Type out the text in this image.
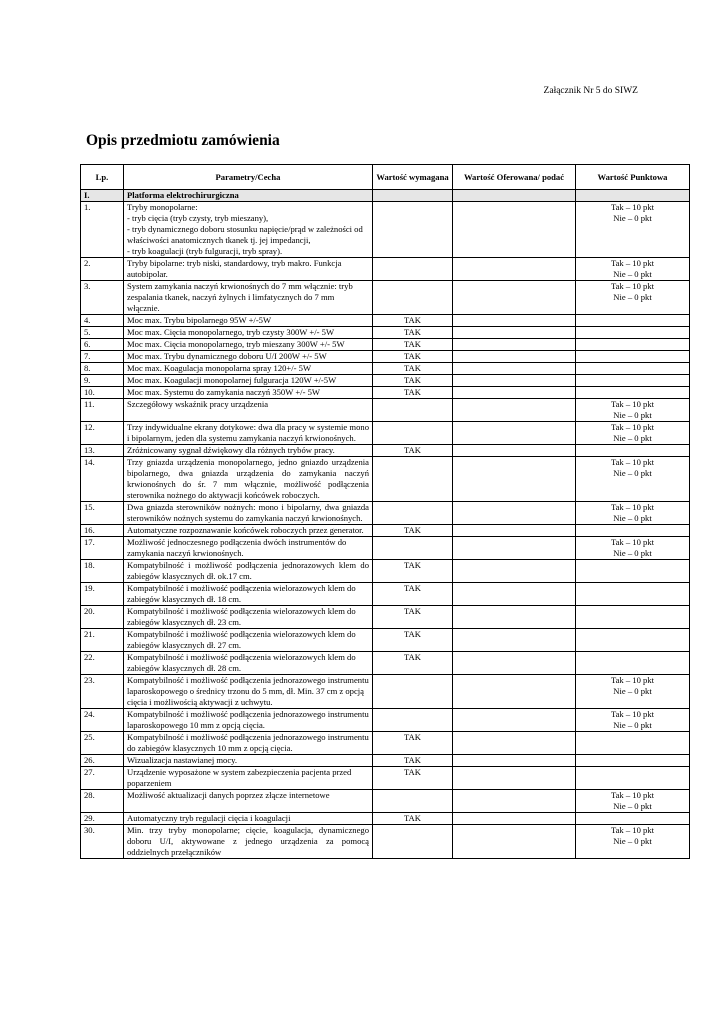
Załącznik Nr 5 do SIWZ
Opis przedmiotu zamówienia
Lp.	Parametry/Cecha	Wartość wymagana	Wartość Oferowana/ podać	Wartość Punktowa
I.	Platforma elektrochirurgiczna			
1.	Tryby monopolarne:
- tryb cięcia (tryb czysty, tryb mieszany),
- tryb dynamicznego doboru stosunku napięcie/prąd w zależności od właściwości anatomicznych tkanek tj. jej impedancji,
- tryb koagulacji (tryb fulguracji, tryb spray).			Tak – 10 pkt
Nie – 0 pkt
2.	Tryby bipolarne: tryb niski, standardowy, tryb makro. Funkcja autobipolar.			Tak – 10 pkt
Nie – 0 pkt
3.	System zamykania naczyń krwionośnych do 7 mm włącznie: tryb zespalania tkanek, naczyń żylnych i limfatycznych do 7 mm włącznie.			Tak – 10 pkt
Nie – 0 pkt
4.	Moc max. Trybu bipolarnego 95W +/-5W	TAK		
5.	Moc max. Cięcia monopolarnego, tryb czysty 300W +/- 5W	TAK		
6.	Moc max. Cięcia monopolarnego, tryb mieszany 300W +/- 5W	TAK		
7.	Moc max. Trybu dynamicznego doboru U/I 200W +/- 5W	TAK		
8.	Moc max. Koagulacja monopolarna spray 120+/- 5W	TAK		
9.	Moc max. Koagulacji monopolarnej fulguracja 120W +/-5W	TAK		
10.	Moc max. Systemu do zamykania naczyń 350W +/- 5W	TAK		
11.	Szczegółowy wskaźnik pracy urządzenia			Tak – 10 pkt
Nie – 0 pkt
12.	Trzy indywidualne ekrany dotykowe: dwa dla pracy w systemie mono i bipolarnym, jeden dla systemu zamykania naczyń krwionośnych.			Tak – 10 pkt
Nie – 0 pkt
13.	Zróżnicowany sygnał dźwiękowy dla różnych trybów pracy.	TAK		
14.	Trzy gniazda urządzenia monopolarnego, jedno gniazdo urządzenia bipolarnego, dwa gniazda urządzenia do zamykania naczyń krwionośnych do śr. 7 mm włącznie, możliwość podłączenia sterownika nożnego do aktywacji końcówek roboczych.			Tak – 10 pkt
Nie – 0 pkt
15.	Dwa gniazda sterowników nożnych: mono i bipolarny, dwa gniazda sterowników nożnych systemu do zamykania naczyń krwionośnych.			Tak – 10 pkt
Nie – 0 pkt
16.	Automatyczne rozpoznawanie końcówek roboczych przez generator.	TAK		
17.	Możliwość jednoczesnego podłączenia dwóch instrumentów do zamykania naczyń krwionośnych.			Tak – 10 pkt
Nie – 0 pkt
18.	Kompatybilność i możliwość podłączenia jednorazowych klem do zabiegów klasycznych dł. ok.17 cm.	TAK		
19.	Kompatybilność i możliwość podłączenia wielorazowych klem do zabiegów klasycznych dł. 18 cm.	TAK		
20.	Kompatybilność i możliwość podłączenia wielorazowych klem do zabiegów klasycznych dł. 23 cm.	TAK		
21.	Kompatybilność i możliwość podłączenia wielorazowych klem do zabiegów klasycznych dł. 27 cm.	TAK		
22.	Kompatybilność i możliwość podłączenia wielorazowych klem do zabiegów klasycznych dł. 28 cm.	TAK		
23.	Kompatybilność i możliwość podłączenia jednorazowego instrumentu laparoskopowego o średnicy trzonu do 5 mm, dł. Min. 37 cm z opcją cięcia i możliwością aktywacji z uchwytu.			Tak – 10 pkt
Nie – 0 pkt
24.	Kompatybilność i możliwość podłączenia jednorazowego instrumentu laparoskopowego 10 mm z opcją cięcia.			Tak – 10 pkt
Nie – 0 pkt
25.	Kompatybilność i możliwość podłączenia jednorazowego instrumentu do zabiegów klasycznych 10 mm z opcją cięcia.	TAK		
26.	Wizualizacja nastawianej mocy.	TAK		
27.	Urządzenie wyposażone w system zabezpieczenia pacjenta przed poparzeniem	TAK		
28.	Możliwość aktualizacji danych poprzez złącze internetowe			Tak – 10 pkt
Nie – 0 pkt
29.	Automatyczny tryb regulacji cięcia i koagulacji	TAK		
30.	Min. trzy tryby monopolarne; cięcie, koagulacja, dynamicznego doboru U/I, aktywowane z jednego urządzenia za pomocą oddzielnych przełączników			Tak – 10 pkt
Nie – 0 pkt
